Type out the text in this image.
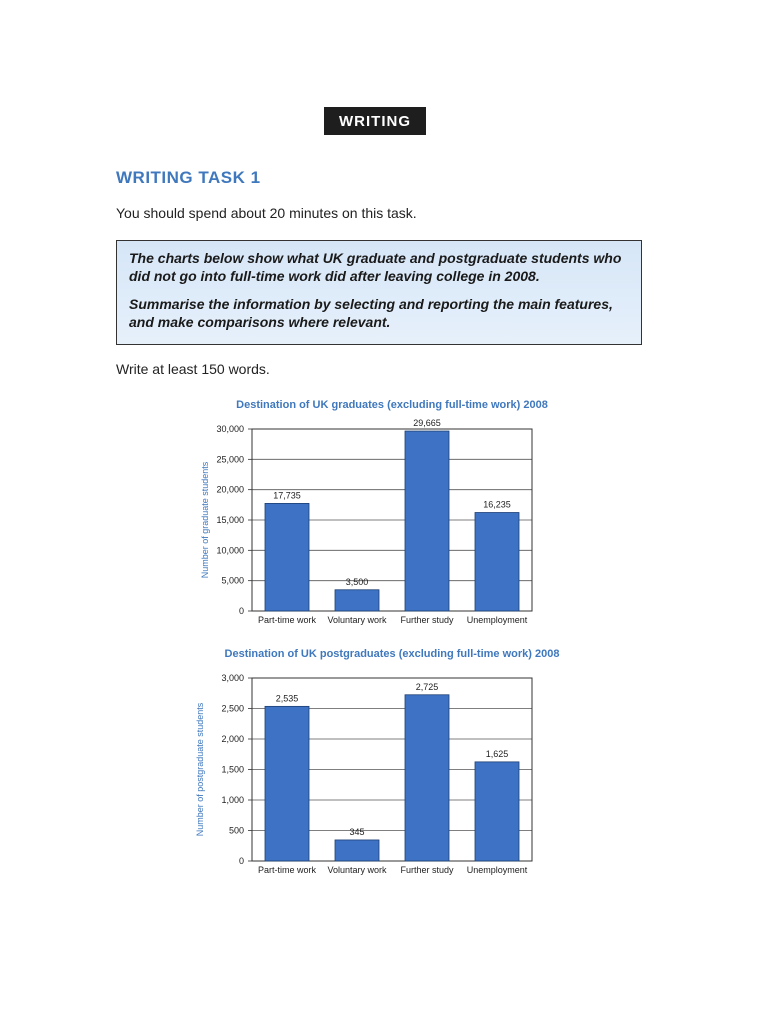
WRITING
WRITING TASK 1
You should spend about 20 minutes on this task.

The charts below show what UK graduate and postgraduate students who did not go into full-time work did after leaving college in 2008.

Summarise the information by selecting and reporting the main features, and make comparisons where relevant.

Write at least 150 words.
Destination of UK graduates (excluding full-time work) 2008
0
5,000
10,000
15,000
20,000
25,000
30,000
Number of graduate students	17,735
Part-time work
3,500
Voluntary work
29,665
Further study
16,235
Unemployment
Destination of UK postgraduates (excluding full-time work) 2008
0
500
1,000
1,500
2,000
2,500
3,000
Number of postgraduate students
2,535
Part-time work
345
Voluntary work
2,725
Further study
1,625
Unemployment
